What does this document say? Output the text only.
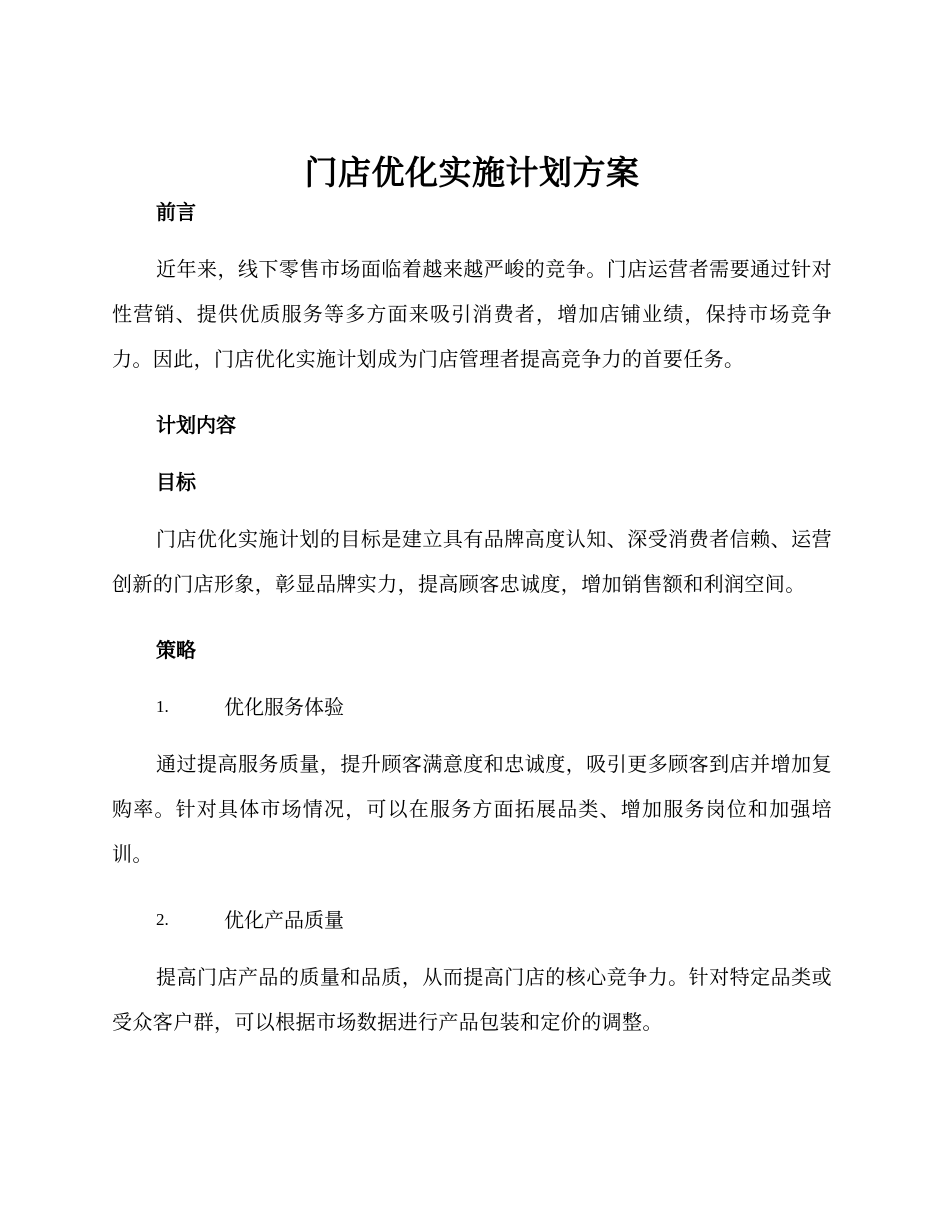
门店优化实施计划方案
前言

近年来，线下零售市场面临着越来越严峻的竞争。门店运营者需要通过针对性营销、提供优质服务等多方面来吸引消费者，增加店铺业绩，保持市场竞争力。因此，门店优化实施计划成为门店管理者提高竞争力的首要任务。

计划内容
目标

门店优化实施计划的目标是建立具有品牌高度认知、深受消费者信赖、运营创新的门店形象，彰显品牌实力，提高顾客忠诚度，增加销售额和利润空间。

策略
1.	优化服务体验

通过提高服务质量，提升顾客满意度和忠诚度，吸引更多顾客到店并增加复购率。针对具体市场情况，可以在服务方面拓展品类、增加服务岗位和加强培训。

2.	优化产品质量

提高门店产品的质量和品质，从而提高门店的核心竞争力。针对特定品类或受众客户群，可以根据市场数据进行产品包装和定价的调整。
